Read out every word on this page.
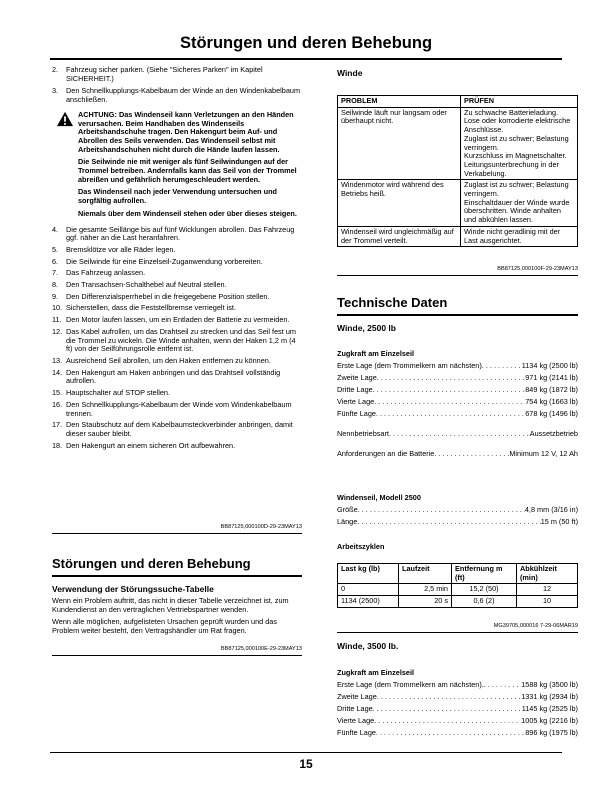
Störungen und deren Behebung
2. Fahrzeug sicher parken. (Siehe "Sicheres Parken" im Kapitel SICHERHEIT.)
3. Den Schnellkupplungs-Kabelbaum der Winde an den Windenkabelbaum anschließen.

ACHTUNG: Das Windenseil kann Verletzungen an den Händen verursachen. Beim Handhaben des Windenseils Arbeitshandschuhe tragen. Den Hakengurt beim Auf- und Abrollen des Seils verwenden. Das Windenseil selbst mit Arbeitshandschuhen nicht durch die Hände laufen lassen.

Die Seilwinde nie mit weniger als fünf Seilwindungen auf der Trommel betreiben. Andernfalls kann das Seil von der Trommel abreißen und gefährlich herumgeschleudert werden.

Das Windenseil nach jeder Verwendung untersuchen und sorgfältig aufrollen.

Niemals über dem Windenseil stehen oder über dieses steigen.

4. Die gesamte Seillänge bis auf fünf Wicklungen abrollen. Das Fahrzeug ggf. näher an die Last heranfahren.
5. Bremsklötze vor alle Räder legen.
6. Die Seilwinde für eine Einzelseil-Zuganwendung vorbereiten.
7. Das Fahrzeug anlassen.
8. Den Transachsen-Schalthebel auf Neutral stellen.
9. Den Differenzialsperrhebel in die freigegebene Position stellen.
10. Sicherstellen, dass die Feststellbremse verriegelt ist.
11. Den Motor laufen lassen, um ein Entladen der Batterie zu vermeiden.
12. Das Kabel aufrollen, um das Drahtseil zu strecken und das Seil fest um die Trommel zu wickeln. Die Winde anhalten, wenn der Haken 1,2 m (4 ft) von der Seilführungsrolle entfernt ist.
13. Ausreichend Seil abrollen, um den Haken entfernen zu können.
14. Den Hakengurt am Haken anbringen und das Drahtseil vollständig aufrollen.
15. Hauptschalter auf STOP stellen.
16. Den Schnellkupplungs-Kabelbaum der Winde vom Windenkabelbaum trennen.
17. Den Staubschutz auf dem Kabelbaumsteckverbinder anbringen, damit dieser sauber bleibt.
18. Den Hakengurt an einem sicheren Ort aufbewahren.
BB87125,000100D-29-23MAY13
Störungen und deren Behebung
Verwendung der Störungssuche-Tabelle

Wenn ein Problem auftritt, das nicht in dieser Tabelle verzeichnet ist, zum Kundendienst an den vertraglichen Vertriebspartner wenden.

Wenn alle möglichen, aufgelisteten Ursachen geprüft wurden und das Problem weiter besteht, den Vertragshändler um Rat fragen.

BB87125,000100E-29-23MAY13
Winde
PROBLEM	PRÜFEN
Seilwinde läuft nur langsam oder überhaupt nicht.	Zu schwache Batterieladung.
Lose oder korrodierte elektrische Anschlüsse.
Zuglast ist zu schwer; Belastung verringern.
Kurzschluss im Magnetschalter.
Leitungsunterbrechung in der Verkabelung.

Windenmotor wird während des Betriebs heiß.	Zuglast ist zu schwer; Belastung verringern.
Einschaltdauer der Winde wurde überschritten. Winde anhalten und abkühlen lassen.

Windenseil wird ungleichmäßig auf der Trommel verteilt.	Winde nicht geradlinig mit der Last ausgerichtet.
BB87125,000100F-29-23MAY13
Technische Daten
Winde, 2500 lb
Zugkraft am Einzelseil
Erste Lage (dem Trommelkern am nächsten) . . .	1134 kg (2500 lb)
Zweite Lage . . .	971 kg (2141 lb)
Dritte Lage . . .	849 kg (1872 lb)
Vierte Lage . . .	754 kg (1663 lb)
Fünfte Lage . . .	678 kg (1496 lb)
Nennbetriebsart . . .	Aussetzbetrieb
Anforderungen an die Batterie . . .	Minimum 12 V, 12 Ah
Windenseil, Modell 2500
Größe . . .	4,8 mm (3/16 in)
Länge . . .	15 m (50 ft)
Arbeitszyklen
Last kg (lb)	Laufzeit	Entfernung m (ft)	Abkühlzeit (min)
0	2,5 min	15,2 (50)	12
1134 (2500)	20 s	0,6 (2)	10
MG39705,000016 7-29-06MAR19
Winde, 3500 lb.
Zugkraft am Einzelseil
Erste Lage (dem Trommelkern am nächsten). . . .	1588 kg (3500 lb)
Zweite Lage . . .	1331 kg (2934 lb)
Dritte Lage . . .	1145 kg (2525 lb)
Vierte Lage . . .	1005 kg (2216 lb)
Fünfte Lage . . .	896 kg (1975 lb)
15
